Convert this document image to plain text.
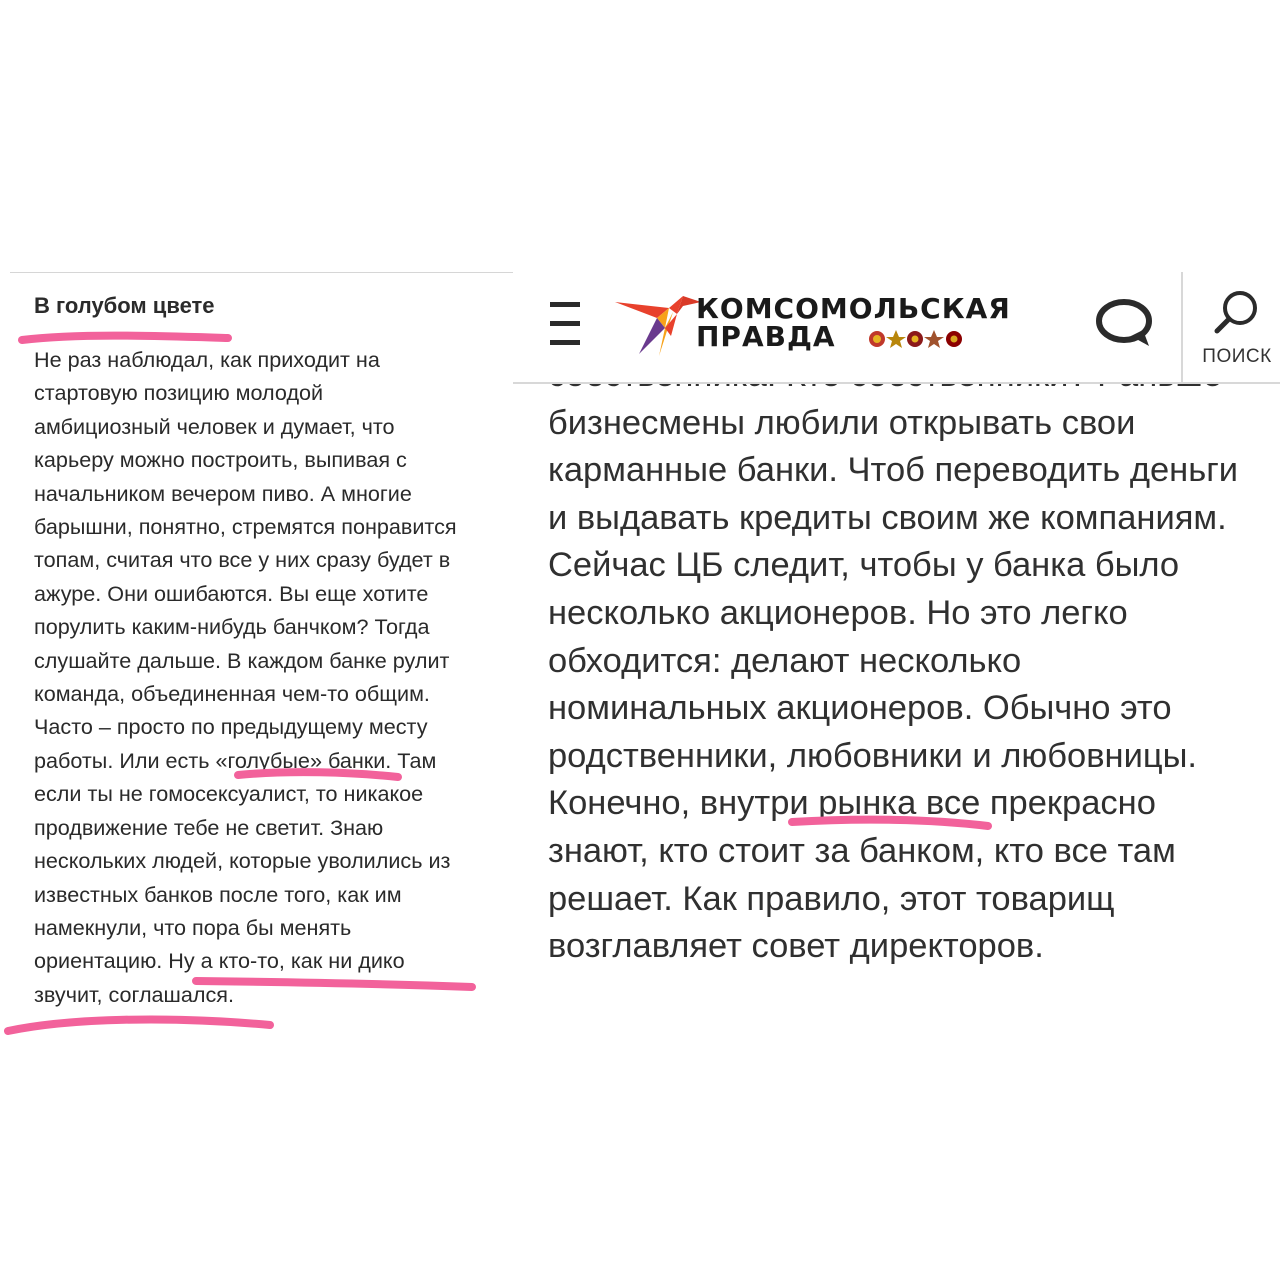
В голубом цвете
Не раз наблюдал, как приходит на
стартовую позицию молодой
амбициозный человек и думает, что
карьеру можно построить, выпивая с
начальником вечером пиво. А многие
барышни, понятно, стремятся понравится
топам, считая что все у них сразу будет в
ажуре. Они ошибаются. Вы еще хотите
порулить каким-нибудь банчком? Тогда
слушайте дальше. В каждом банке рулит
команда, объединенная чем-то общим.
Часто – просто по предыдущему месту
работы. Или есть «голубые» банки. Там
если ты не гомосексуалист, то никакое
продвижение тебе не светит. Знаю
нескольких людей, которые уволились из
известных банков после того, как им
намекнули, что пора бы менять
ориентацию. Ну а кто-то, как ни дико
звучит, соглашался.
КОМСОМОЛЬСКАЯ
ПРАВДА
ПОИСК
бизнесмены любили открывать свои
карманные банки. Чтоб переводить деньги
и выдавать кредиты своим же компаниям.
Сейчас ЦБ следит, чтобы у банка было
несколько акционеров. Но это легко
обходится: делают несколько
номинальных акционеров. Обычно это
родственники, любовники и любовницы.
Конечно, внутри рынка все прекрасно
знают, кто стоит за банком, кто все там
решает. Как правило, этот товарищ
возглавляет совет директоров.
